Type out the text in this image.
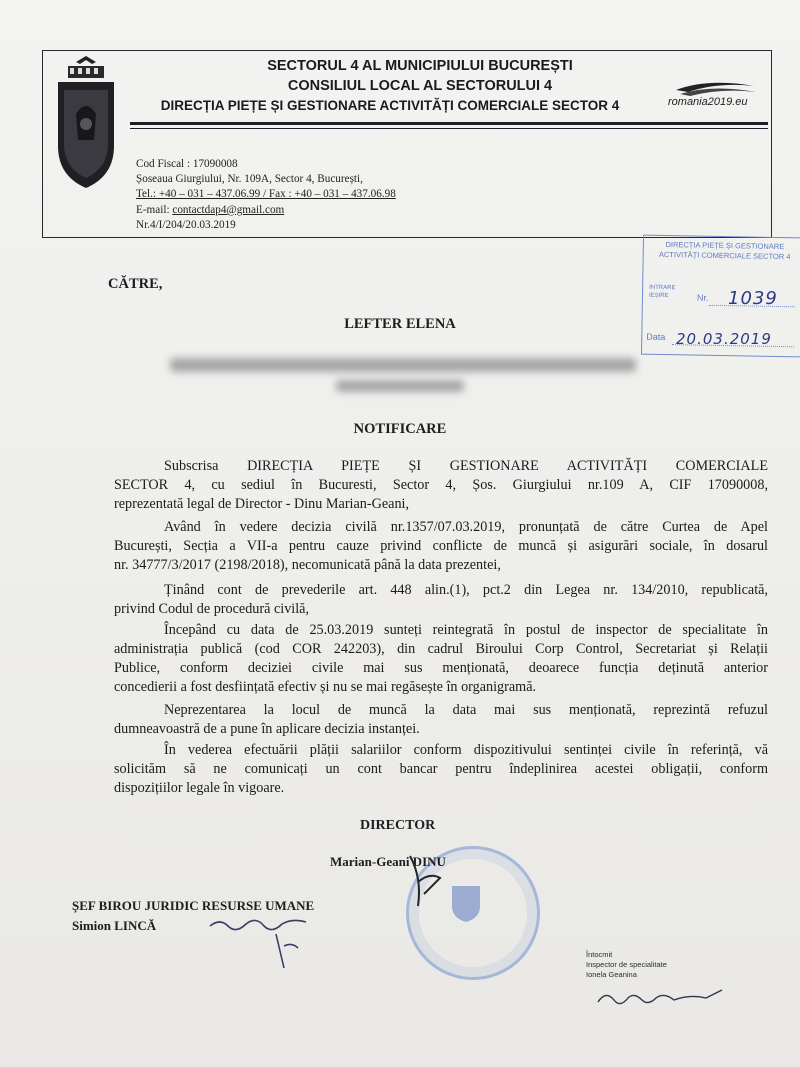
SECTORUL 4 AL MUNICIPIULUI BUCUREȘTI
CONSILIUL LOCAL AL SECTORULUI 4
DIRECȚIA PIEȚE ȘI GESTIONARE ACTIVITĂȚI COMERCIALE SECTOR 4	romania2019.eu
Cod Fiscal : 17090008
Șoseaua Giurgiului, Nr. 109A, Sector 4, București,
Tel.: +40 – 031 – 437.06.99 / Fax : +40 – 031 – 437.06.98
E-mail: contactdap4@gmail.com
Nr.4/I/204/20.03.2019
DIRECȚIA PIEȚE ȘI GESTIONARE ACTIVITĂȚI COMERCIALE SECTOR 4
INTRARE
IEȘIRE	Nr.
Data
1039
20.03.2019
CĂTRE,
LEFTER ELENA
NOTIFICARE
Subscrisa DIRECȚIA PIEȚE ȘI GESTIONARE ACTIVITĂȚI COMERCIALE
SECTOR 4, cu sediul în Bucuresti, Sector 4, Șos. Giurgiului nr.109 A, CIF 17090008,
reprezentată legal de Director - Dinu Marian-Geani,
Având în vedere decizia civilă nr.1357/07.03.2019, pronunțată de către Curtea de Apel
București, Secția a VII-a pentru cauze privind conflicte de muncă și asigurări sociale, în dosarul
nr. 34777/3/2017 (2198/2018), necomunicată până la data prezentei,
Ținând cont de prevederile art. 448 alin.(1), pct.2 din Legea nr. 134/2010, republicată,
privind Codul de procedură civilă,
Începând cu data de 25.03.2019 sunteți reintegrată în postul de inspector de specialitate în
administrația publică (cod COR 242203), din cadrul Biroului Corp Control, Secretariat și Relații
Publice, conform deciziei civile mai sus menționată, deoarece funcția deținută anterior
concedierii a fost desființată efectiv și nu se mai regăsește în organigramă.
Neprezentarea la locul de muncă la data mai sus menționată, reprezintă refuzul
dumneavoastră de a pune în aplicare decizia instanței.
În vederea efectuării plății salariilor conform dispozitivului sentinței civile în referință, vă
solicităm să ne comunicați un cont bancar pentru îndeplinirea acestei obligații, conform
dispozițiilor legale în vigoare.
DIRECTOR
Marian-Geani DINU
ȘEF BIROU JURIDIC RESURSE UMANE
Simion LINCĂ
Întocmit
Inspector de specialitate
Ionela Geanina
